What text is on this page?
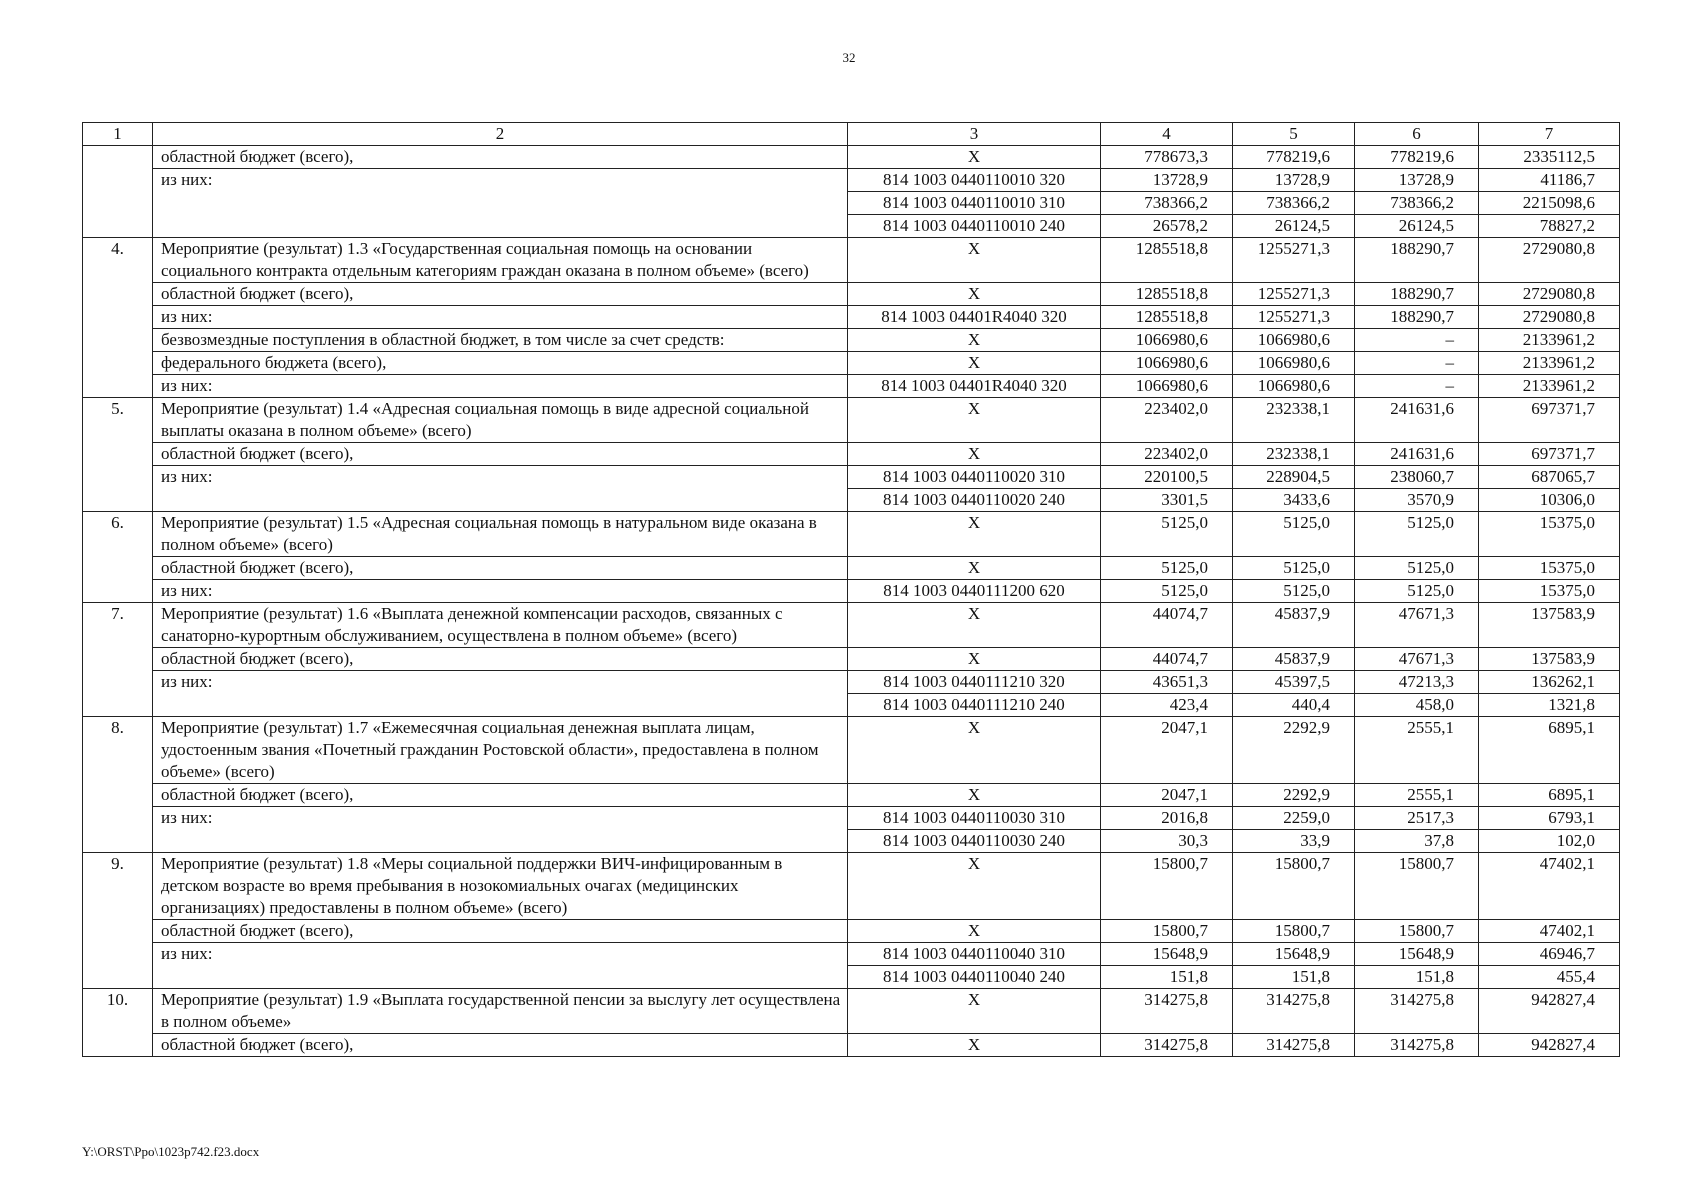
32
1	2	3	4	5	6	7
	областной бюджет (всего),	X	778673,3	778219,6	778219,6	2335112,5
	из них:	814 1003 0440110010 320	13728,9	13728,9	13728,9	41186,7
		814 1003 0440110010 310	738366,2	738366,2	738366,2	2215098,6
		814 1003 0440110010 240	26578,2	26124,5	26124,5	78827,2
4.	Мероприятие (результат) 1.3 «Государственная социальная помощь на основании социального контракта отдельным категориям граждан оказана в полном объеме» (всего)	X	1285518,8	1255271,3	188290,7	2729080,8
	областной бюджет (всего),	X	1285518,8	1255271,3	188290,7	2729080,8
	из них:	814 1003 04401R4040 320	1285518,8	1255271,3	188290,7	2729080,8
	безвозмездные поступления в областной бюджет, в том числе за счет средств:	X	1066980,6	1066980,6	–	2133961,2
	федерального бюджета (всего),	X	1066980,6	1066980,6	–	2133961,2
	из них:	814 1003 04401R4040 320	1066980,6	1066980,6	–	2133961,2
5.	Мероприятие (результат) 1.4 «Адресная социальная помощь в виде адресной социальной выплаты оказана в полном объеме» (всего)	X	223402,0	232338,1	241631,6	697371,7
	областной бюджет (всего),	X	223402,0	232338,1	241631,6	697371,7
	из них:	814 1003 0440110020 310	220100,5	228904,5	238060,7	687065,7
		814 1003 0440110020 240	3301,5	3433,6	3570,9	10306,0
6.	Мероприятие (результат) 1.5 «Адресная социальная помощь в натуральном виде оказана в полном объеме» (всего)	X	5125,0	5125,0	5125,0	15375,0
	областной бюджет (всего),	X	5125,0	5125,0	5125,0	15375,0
	из них:	814 1003 0440111200 620	5125,0	5125,0	5125,0	15375,0
7.	Мероприятие (результат) 1.6 «Выплата денежной компенсации расходов, связанных с санаторно-курортным обслуживанием, осуществлена в полном объеме» (всего)	X	44074,7	45837,9	47671,3	137583,9
	областной бюджет (всего),	X	44074,7	45837,9	47671,3	137583,9
	из них:	814 1003 0440111210 320	43651,3	45397,5	47213,3	136262,1
		814 1003 0440111210 240	423,4	440,4	458,0	1321,8
8.	Мероприятие (результат) 1.7 «Ежемесячная социальная денежная выплата лицам, удостоенным звания «Почетный гражданин Ростовской области», предоставлена в полном объеме» (всего)	X	2047,1	2292,9	2555,1	6895,1
	областной бюджет (всего),	X	2047,1	2292,9	2555,1	6895,1
	из них:	814 1003 0440110030 310	2016,8	2259,0	2517,3	6793,1
		814 1003 0440110030 240	30,3	33,9	37,8	102,0
9.	Мероприятие (результат) 1.8 «Меры социальной поддержки ВИЧ-инфицированным в детском возрасте во время пребывания в нозокомиальных очагах (медицинских организациях) предоставлены в полном объеме» (всего)	X	15800,7	15800,7	15800,7	47402,1
	областной бюджет (всего),	X	15800,7	15800,7	15800,7	47402,1
	из них:	814 1003 0440110040 310	15648,9	15648,9	15648,9	46946,7
		814 1003 0440110040 240	151,8	151,8	151,8	455,4
10.	Мероприятие (результат) 1.9 «Выплата государственной пенсии за выслугу лет осуществлена в полном объеме»	X	314275,8	314275,8	314275,8	942827,4
	областной бюджет (всего),	X	314275,8	314275,8	314275,8	942827,4
Y:\ORST\Ppo\1023p742.f23.docx
